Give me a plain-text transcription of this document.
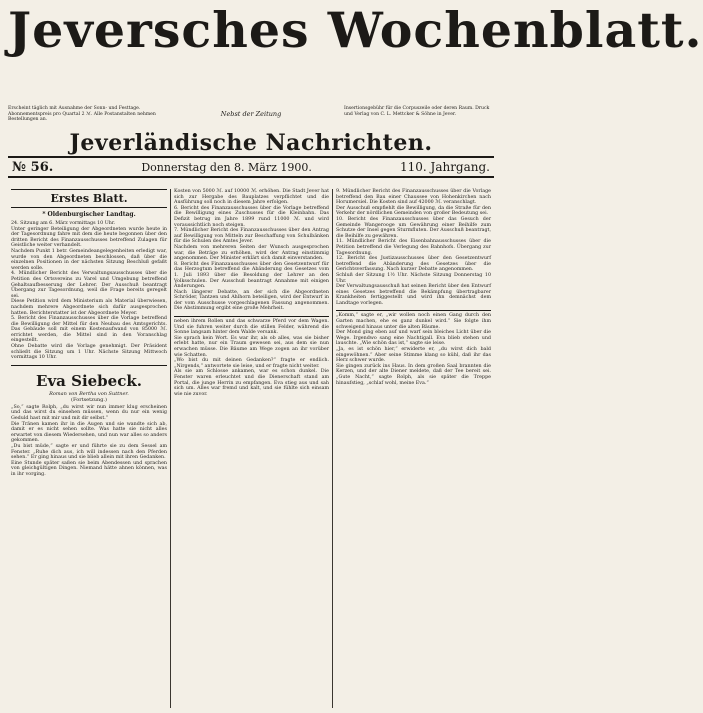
Jeversches Wochenblatt.
Erscheint täglich mit Ausnahme der Sonn- und Festtage. Abonnementspreis pro Quartal 2 ℳ. Alle Postanstalten nehmen Bestellungen an.
Nebst der Zeitung
Insertionsgebühr für die Corpuszeile oder deren Raum. Druck und Verlag von C. L. Mettcker & Söhne in Jever.
Jeverländische Nachrichten.
№ 56.	Donnerstag den 8. März 1900.	110. Jahrgang.
Erstes Blatt.
* Oldenburgischer Landtag.

24. Sitzung am 6. März vormittags 10 Uhr.

Unter geringer Beteiligung der Abgeordneten wurde heute in der Tagesordnung fahre mit dem die heute begonnen über den dritten Bericht des Finanzausschusses betreffend Zulagen für Geistliche weiter verhandelt.

Nachdem Punkt 1 betr. Gemeindeangelegenheiten erledigt war, wurde von den Abgeordneten beschlossen, daß über die einzelnen Positionen in der nächsten Sitzung Beschluß gefaßt werden solle.

4. Mündlicher Bericht des Verwaltungsausschusses über die Petition des Ortsvereins zu Varel und Umgebung betreffend Gehaltsaufbesserung der Lehrer. Der Ausschuß beantragt Übergang zur Tagesordnung, weil die Frage bereits geregelt sei.

Diese Petition wird dem Ministerium als Material überwiesen, nachdem mehrere Abgeordnete sich dafür ausgesprochen hatten. Berichterstatter ist der Abgeordnete Meyer.

5. Bericht des Finanzausschusses über die Vorlage betreffend die Bewilligung der Mittel für den Neubau des Amtsgerichts. Das Gebäude soll mit einem Kostenaufwand von 85000 ℳ. errichtet werden, die Mittel sind in den Voranschlag eingestellt.

Ohne Debatte wird die Vorlage genehmigt. Der Präsident schließt die Sitzung um 1 Uhr. Nächste Sitzung Mittwoch vormittags 10 Uhr.

Eva Siebeck.
Roman von Bertha von Suttner.
(Fortsetzung.)

„So,“ sagte Rolph, „du wirst wir nun immer klug erscheinen und das wirst du einsehen müssen, wenn du nur ein wenig Geduld hast mit mir und mit dir selbst.“

Die Tränen kamen ihr in die Augen und sie wandte sich ab, damit er es nicht sehen sollte. Was hatte sie nicht alles erwartet von diesem Wiedersehen, und nun war alles so anders gekommen.

„Du bist müde,“ sagte er und führte sie zu dem Sessel am Fenster. „Ruhe dich aus, ich will indessen nach den Pferden sehen.“ Er ging hinaus und sie blieb allein mit ihren Gedanken.

Eine Stunde später saßen sie beim Abendessen und sprachen von gleichgültigen Dingen. Niemand hätte ahnen können, was in ihr vorging.

Kosten von 5000 ℳ. auf 10000 ℳ. erhöhen. Die Stadt Jever hat sich zur Hergabe des Bauplatzes verpflichtet und die Ausführung soll noch in diesem Jahre erfolgen.

6. Bericht des Finanzausschusses über die Vorlage betreffend die Bewilligung eines Zuschusses für die Kleinbahn. Das Defizit betrug im Jahre 1899 rund 11000 ℳ. und wird voraussichtlich noch steigen.

7. Mündlicher Bericht des Finanzausschusses über den Antrag auf Bewilligung von Mitteln zur Beschaffung von Schulbänken für die Schulen des Amtes Jever.

Nachdem von mehreren Seiten der Wunsch ausgesprochen war, die Beträge zu erhöhen, wird der Antrag einstimmig angenommen. Der Minister erklärt sich damit einverstanden.

8. Bericht des Finanzausschusses über den Gesetzentwurf für das Herzogtum betreffend die Abänderung des Gesetzes vom 1. Juli 1893 über die Besoldung der Lehrer an den Volksschulen. Der Ausschuß beantragt Annahme mit einigen Änderungen.

Nach längerer Debatte, an der sich die Abgeordneten Schröder, Tantzen und Ahlhorn beteiligen, wird der Entwurf in der vom Ausschusse vorgeschlagenen Fassung angenommen. Die Abstimmung ergibt eine große Mehrheit.

neben ihrem Rollen und das schwarze Pferd vor dem Wagen. Und sie fuhren weiter durch die stillen Felder, während die Sonne langsam hinter dem Walde versank.

Sie sprach kein Wort. Es war ihr, als ob alles, was sie bisher erlebt hatte, nur ein Traum gewesen sei, aus dem sie nun erwachen müsse. Die Bäume am Wege zogen an ihr vorüber wie Schatten.

„Wo bist du mit deinen Gedanken?“ fragte er endlich. „Nirgends,“ antwortete sie leise, und er fragte nicht weiter.

Als sie am Schlosse ankamen, war es schon dunkel. Die Fenster waren erleuchtet und die Dienerschaft stand am Portal, die junge Herrin zu empfangen. Eva stieg aus und sah sich um. Alles war fremd und kalt, und sie fühlte sich einsam wie nie zuvor.

9. Mündlicher Bericht des Finanzausschusses über die Vorlage betreffend den Bau einer Chaussee von Hohenkirchen nach Horumersiel. Die Kosten sind auf 42000 ℳ. veranschlagt.

Der Ausschuß empfiehlt die Bewilligung, da die Straße für den Verkehr der nördlichen Gemeinden von großer Bedeutung sei.

10. Bericht des Finanzausschusses über das Gesuch der Gemeinde Wangerooge um Gewährung einer Beihilfe zum Schutze der Insel gegen Sturmfluten. Der Ausschuß beantragt, die Beihilfe zu gewähren.

11. Mündlicher Bericht des Eisenbahnausschusses über die Petition betreffend die Verlegung des Bahnhofs. Übergang zur Tagesordnung.

12. Bericht des Justizausschusses über den Gesetzentwurf betreffend die Abänderung des Gesetzes über die Gerichtsverfassung. Nach kurzer Debatte angenommen.

Schluß der Sitzung 1½ Uhr. Nächste Sitzung Donnerstag 10 Uhr.

Der Verwaltungsausschuß hat seinen Bericht über den Entwurf eines Gesetzes betreffend die Bekämpfung übertragbarer Krankheiten fertiggestellt und wird ihn demnächst dem Landtage vorlegen.

„Komm,“ sagte er, „wir wollen noch einen Gang durch den Garten machen, ehe es ganz dunkel wird.“ Sie folgte ihm schweigend hinaus unter die alten Bäume.

Der Mond ging eben auf und warf sein bleiches Licht über die Wege. Irgendwo sang eine Nachtigall. Eva blieb stehen und lauschte. „Wie schön das ist,“ sagte sie leise.

„Ja, es ist schön hier,“ erwiderte er, „du wirst dich bald eingewöhnen.“ Aber seine Stimme klang so kühl, daß ihr das Herz schwer wurde.

Sie gingen zurück ins Haus. In dem großen Saal brannten die Kerzen, und der alte Diener meldete, daß der Tee bereit sei. „Gute Nacht,“ sagte Rolph, als sie später die Treppe hinaufstieg, „schlaf wohl, meine Eva.“
